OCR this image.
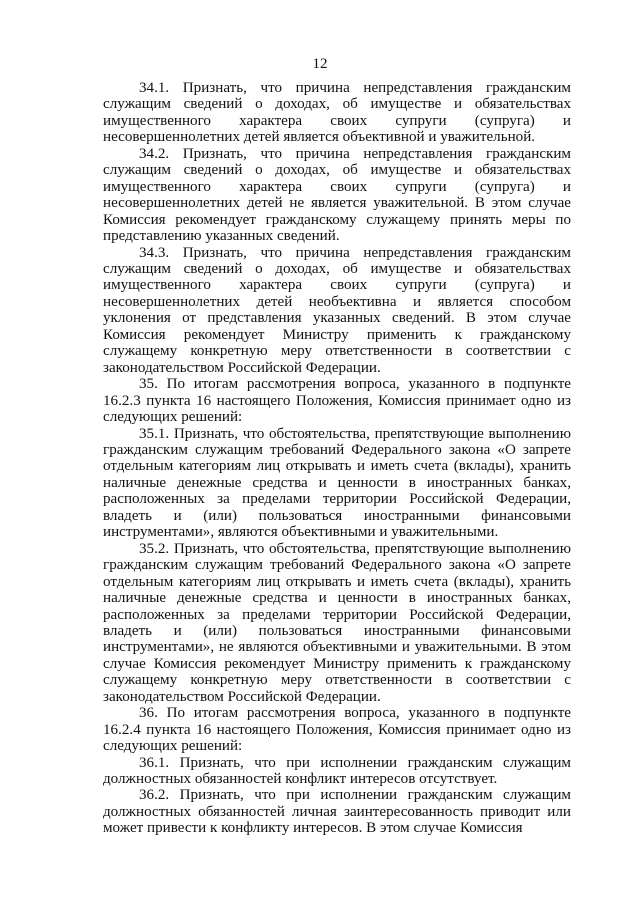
12

34.1. Признать, что причина непредставления гражданским служащим сведений о доходах, об имуществе и обязательствах имущественного характера своих супруги (супруга) и несовершеннолетних детей является объективной и уважительной.

34.2. Признать, что причина непредставления гражданским служащим сведений о доходах, об имуществе и обязательствах имущественного характера своих супруги (супруга) и несовершеннолетних детей не является уважительной. В этом случае Комиссия рекомендует гражданскому служащему принять меры по представлению указанных сведений.

34.3. Признать, что причина непредставления гражданским служащим сведений о доходах, об имуществе и обязательствах имущественного характера своих супруги (супруга) и несовершеннолетних детей необъективна и является способом уклонения от представления указанных сведений. В этом случае Комиссия рекомендует Министру применить к гражданскому служащему конкретную меру ответственности в соответствии с законодательством Российской Федерации.

35. По итогам рассмотрения вопроса, указанного в подпункте 16.2.3 пункта 16 настоящего Положения, Комиссия принимает одно из следующих решений:

35.1. Признать, что обстоятельства, препятствующие выполнению гражданским служащим требований Федерального закона «О запрете отдельным категориям лиц открывать и иметь счета (вклады), хранить наличные денежные средства и ценности в иностранных банках, расположенных за пределами территории Российской Федерации, владеть и (или) пользоваться иностранными финансовыми инструментами», являются объективными и уважительными.

35.2. Признать, что обстоятельства, препятствующие выполнению гражданским служащим требований Федерального закона «О запрете отдельным категориям лиц открывать и иметь счета (вклады), хранить наличные денежные средства и ценности в иностранных банках, расположенных за пределами территории Российской Федерации, владеть и (или) пользоваться иностранными финансовыми инструментами», не являются объективными и уважительными. В этом случае Комиссия рекомендует Министру применить к гражданскому служащему конкретную меру ответственности в соответствии с законодательством Российской Федерации.

36. По итогам рассмотрения вопроса, указанного в подпункте 16.2.4 пункта 16 настоящего Положения, Комиссия принимает одно из следующих решений:

36.1. Признать, что при исполнении гражданским служащим должностных обязанностей конфликт интересов отсутствует.

36.2. Признать, что при исполнении гражданским служащим должностных обязанностей личная заинтересованность приводит или может привести к конфликту интересов. В этом случае Комиссия
